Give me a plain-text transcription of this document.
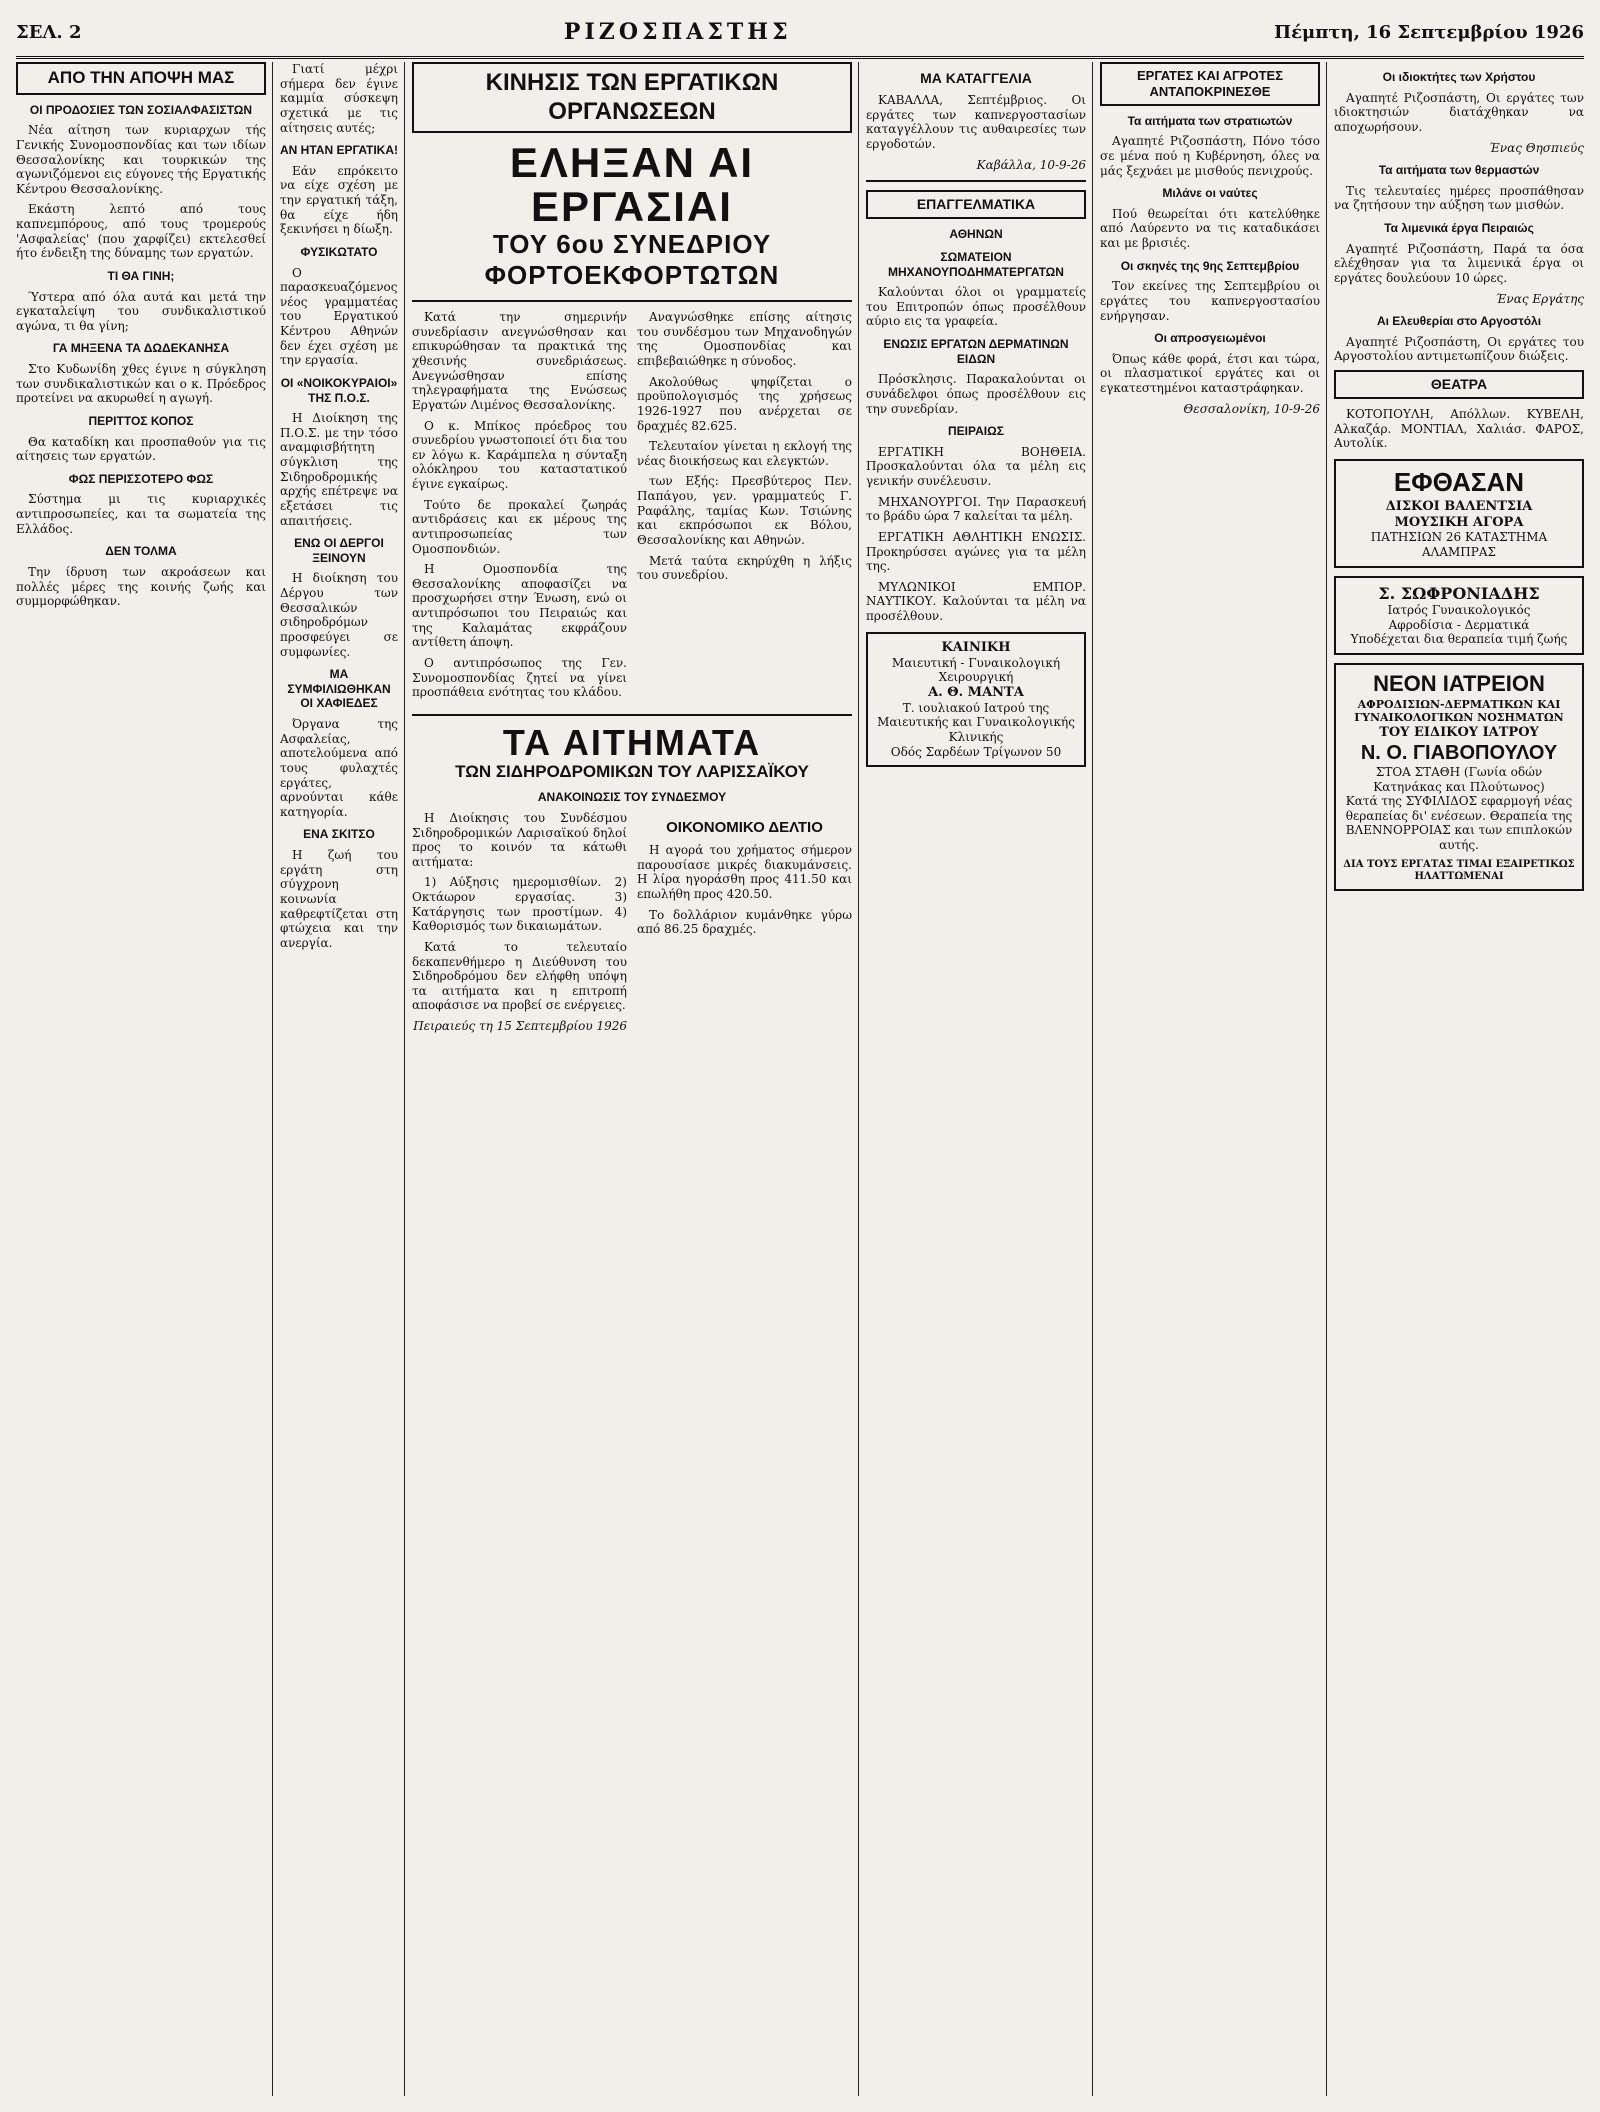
ΣΕΛ. 2	ΡΙΖΟΣΠΑΣΤΗΣ	Πέμπτη, 16 Σεπτεμβρίου 1926
ΑΠΟ ΤΗΝ ΑΠΟΨΗ ΜΑΣ
ΟΙ ΠΡΟΔΟΣΙΕΣ ΤΩΝ ΣΟΣΙΑΛΦΑΣΙΣΤΩΝ

Νέα αίτηση των κυριαρχων τής Γενικής Συνομοσπονδίας και των ιδίων Θεσσαλονίκης και τουρκικών της αγωνιζόμενοι εις εύγονες τής Εργατικής Κέντρου Θεσσαλονίκης.

Εκάστη λεπτό από τους καπνεμπόρους, από τους τρομερούς 'Ασφαλείας' (που χαρφίζει) εκτελεσθεί ήτο ένδειξη της δύναμης των εργατών.

ΤΙ ΘΑ ΓΙΝΗ;

Ύστερα από όλα αυτά και μετά την εγκαταλείψη του συνδικαλιστικού αγώνα, τι θα γίνη;

ΓΑ ΜΗΞΕΝΑ ΤΑ ΔΩΔΕΚΑΝΗΣΑ

Στο Κυδωνίδη χθες έγινε η σύγκληση των συνδικαλιστικών και ο κ. Πρόεδρος προτείνει να ακυρωθεί η αγωγή.

ΠΕΡΙΤΤΟΣ ΚΟΠΟΣ

Θα καταδίκη και προσπαθούν για τις αίτησεις των εργατών.

ΦΩΣ ΠΕΡΙΣΣΟΤΕΡΟ ΦΩΣ

Σύστημα μι τις κυριαρχικές αντιπροσωπείες, και τα σωματεία της Ελλάδος.

ΔΕΝ ΤΟΛΜΑ

Την ίδρυση των ακροάσεων και πολλές μέρες της κοινής ζωής και συμμορφώθηκαν.

Γιατί μέχρι σήμερα δεν έγινε καμμία σύσκεψη σχετικά με τις αίτησεις αυτές;

ΑΝ ΗΤΑΝ ΕΡΓΑΤΙΚΑ!

Εάν επρόκειτο να είχε σχέση με την εργατική τάξη, θα είχε ήδη ξεκινήσει η δίωξη.

ΦΥΣΙΚΩΤΑΤΟ

Ο παρασκευαζόμενος νέος γραμματέας του Εργατικού Κέντρου Αθηνών δεν έχει σχέση με την εργασία.

ΟΙ «ΝΟΙΚΟΚΥΡΑΙΟΙ» ΤΗΣ Π.Ο.Σ.

Η Διοίκηση της Π.Ο.Σ. με την τόσο αναμφισβήτητη σύγκλιση της Σιδηροδρομικής αρχής επέτρεψε να εξετάσει τις απαιτήσεις.

ΕΝΩ ΟΙ ΔΕΡΓΟΙ ΞΕΙΝΟΥΝ

Η διοίκηση του Δέργου των Θεσσαλικών σιδηροδρόμων προσφεύγει σε συμφωνίες.

ΜΑ ΣΥΜΦΙΛΙΩΘΗΚΑΝ ΟΙ ΧΑΦΙΕΔΕΣ

Όργανα της Ασφαλείας, αποτελούμενα από τους φυλαχτές εργάτες, αρνούνται κάθε κατηγορία.

ΕΝΑ ΣΚΙΤΣΟ

Η ζωή του εργάτη στη σύγχρονη κοινωνία καθρεφτίζεται στη φτώχεια και την ανεργία.

ΚΙΝΗΣΙΣ ΤΩΝ ΕΡΓΑΤΙΚΩΝ ΟΡΓΑΝΩΣΕΩΝ
ΕΛΗΞΑΝ ΑΙ ΕΡΓΑΣΙΑΙ
ΤΟΥ 6ου ΣΥΝΕΔΡΙΟΥ ΦΟΡΤΟΕΚΦΟΡΤΩΤΩΝ

Κατά την σημερινήν συνεδρίασιν ανεγνώσθησαν και επικυρώθησαν τα πρακτικά της χθεσινής συνεδριάσεως. Ανεγνώσθησαν επίσης τηλεγραφήματα της Ενώσεως Εργατών Λιμένος Θεσσαλονίκης.

Ο κ. Μπίκος πρόεδρος του συνεδρίου γνωστοποιεί ότι δια του εν λόγω κ. Καράμπελα η σύνταξη ολόκληρου του καταστατικού έγινε εγκαίρως.

Τούτο δε προκαλεί ζωηράς αντιδράσεις και εκ μέρους της αντιπροσωπείας των Ομοσπονδιών.

Η Ομοσπονδία της Θεσσαλονίκης αποφασίζει να προσχωρήσει στην Ένωση, ενώ οι αντιπρόσωποι του Πειραιώς και της Καλαμάτας εκφράζουν αντίθετη άποψη.

Ο αντιπρόσωπος της Γεν. Συνομοσπονδίας ζητεί να γίνει προσπάθεια ενότητας του κλάδου.

Αναγνώσθηκε επίσης αίτησις του συνδέσμου των Μηχανοδηγών της Ομοσπονδίας και επιβεβαιώθηκε η σύνοδος.

Ακολούθως ψηφίζεται ο προϋπολογισμός της χρήσεως 1926-1927 που ανέρχεται σε δραχμές 82.625.

Τελευταίον γίνεται η εκλογή της νέας διοικήσεως και ελεγκτών.

των Εξής: Πρεσβύτερος Πεν. Παπάγου, γεν. γραμματεύς Γ. Ραφάλης, ταμίας Κων. Τσιώνης και εκπρόσωποι εκ Βόλου, Θεσσαλονίκης και Αθηνών.

Μετά ταύτα εκηρύχθη η λήξις του συνεδρίου.

ΤΑ ΑΙΤΗΜΑΤΑ
ΤΩΝ ΣΙΔΗΡΟΔΡΟΜΙΚΩΝ ΤΟΥ ΛΑΡΙΣΣΑΪΚΟΥ
ΑΝΑΚΟΙΝΩΣΙΣ ΤΟΥ ΣΥΝΔΕΣΜΟΥ

Η Διοίκησις του Συνδέσμου Σιδηροδρομικών Λαρισαϊκού δηλοί προς το κοινόν τα κάτωθι αιτήματα:

1) Αύξησις ημερομισθίων. 2) Οκτάωρον εργασίας. 3) Κατάργησις των προστίμων. 4) Καθορισμός των δικαιωμάτων.

Κατά το τελευταίο δεκαπενθήμερο η Διεύθυνση του Σιδηροδρόμου δεν ελήφθη υπόψη τα αιτήματα και η επιτροπή αποφάσισε να προβεί σε ενέργειες.

Πειραιεύς τη 15 Σεπτεμβρίου 1926
ΟΙΚΟΝΟΜΙΚΟ ΔΕΛΤΙΟ

Η αγορά του χρήματος σήμερον παρουσίασε μικρές διακυμάνσεις. Η λίρα ηγοράσθη προς 411.50 και επωλήθη προς 420.50.

Το δολλάριον κυμάνθηκε γύρω από 86.25 δραχμές.

ΜΑ ΚΑΤΑΓΓΕΛΙΑ

ΚΑΒΑΛΛΑ, Σεπτέμβριος. Οι εργάτες των καπνεργοστασίων καταγγέλλουν τις αυθαιρεσίες των εργοδοτών.

Καβάλλα, 10-9-26
ΕΠΑΓΓΕΛΜΑΤΙΚΑ
ΑΘΗΝΩΝ
ΣΩΜΑΤΕΙΟΝ ΜΗΧΑΝΟΥΠΟΔΗΜΑΤΕΡΓΑΤΩΝ

Καλούνται όλοι οι γραμματείς του Επιτροπών όπως προσέλθουν αύριο εις τα γραφεία.

ΕΝΩΣΙΣ ΕΡΓΑΤΩΝ ΔΕΡΜΑΤΙΝΩΝ ΕΙΔΩΝ

Πρόσκλησις. Παρακαλούνται οι συνάδελφοι όπως προσέλθουν εις την συνεδρίαν.

ΠΕΙΡΑΙΩΣ

ΕΡΓΑΤΙΚΗ ΒΟΗΘΕΙΑ. Προσκαλούνται όλα τα μέλη εις γενικήν συνέλευσιν.

ΜΗΧΑΝΟΥΡΓΟΙ. Την Παρασκευή το βράδυ ώρα 7 καλείται τα μέλη.

ΕΡΓΑΤΙΚΗ ΑΘΛΗΤΙΚΗ ΕΝΩΣΙΣ. Προκηρύσσει αγώνες για τα μέλη της.

ΜΥΛΩΝΙΚΟΙ ΕΜΠΟΡ. ΝΑΥΤΙΚΟΥ. Καλούνται τα μέλη να προσέλθουν.

ΚΑΙΝΙΚΗ
Μαιευτική - Γυναικολογική Χειρουργική
Α. Θ. ΜΑΝΤΑ
Τ. ιουλιακού Ιατρού της Μαιευτικής και Γυναικολογικής Κλινικής
Οδός Σαρδέων Τρίγωνον 50
ΕΡΓΑΤΕΣ ΚΑΙ ΑΓΡΟΤΕΣ ΑΝΤΑΠΟΚΡΙΝΕΣΘΕ
Τα αιτήματα των στρατιωτών

Αγαπητέ Ριζοσπάστη, Πόνο τόσο σε μένα πού η Κυβέρνηση, όλες να μάς ξεχνάει με μισθούς πενιχρούς.

Μιλάνε οι ναύτες

Πού θεωρείται ότι κατελύθηκε από Λαύρεντο να τις καταδικάσει και με βρισιές.

Οι σκηνές της 9ης Σεπτεμβρίου

Τον εκείνες της Σεπτεμβρίου οι εργάτες του καπνεργοστασίου ενήργησαν.

Οι απροσγειωμένοι

Όπως κάθε φορά, έτσι και τώρα, οι πλασματικοί εργάτες και οι εγκατεστημένοι καταστράφηκαν.

Θεσσαλονίκη, 10-9-26
Οι ιδιοκτήτες των Χρήστου

Αγαπητέ Ριζοσπάστη, Οι εργάτες των ιδιοκτησιών διατάχθηκαν να αποχωρήσουν.

Ένας Θησπιεύς
Τα αιτήματα των θερμαστών

Τις τελευταίες ημέρες προσπάθησαν να ζητήσουν την αύξηση των μισθών.

Τα λιμενικά έργα Πειραιώς

Αγαπητέ Ριζοσπάστη, Παρά τα όσα ελέχθησαν για τα λιμενικά έργα οι εργάτες δουλεύουν 10 ώρες.

Ένας Εργάτης
Αι Ελευθερίαι στο Αργοστόλι

Αγαπητέ Ριζοσπάστη, Οι εργάτες του Αργοστολίου αντιμετωπίζουν διώξεις.

ΘΕΑΤΡΑ

ΚΟΤΟΠΟΥΛΗ, Απόλλων. ΚΥΒΕΛΗ, Αλκαζάρ. ΜΟΝΤΙΑΛ, Χαλιάσ. ΦΑΡΟΣ, Αυτολίκ.

ΕΦΘΑΣΑΝ
ΔΙΣΚΟΙ ΒΑΛΕΝΤΣΙΑ
ΜΟΥΣΙΚΗ ΑΓΟΡΑ
ΠΑΤΗΣΙΩΝ 26 ΚΑΤΑΣΤΗΜΑ ΑΛΑΜΠΡΑΣ
Σ. ΣΩΦΡΟΝΙΑΔΗΣ
Ιατρός Γυναικολογικός
Αφροδίσια - Δερματικά
Υποδέχεται δια θεραπεία τιμή ζωής
ΝΕΟΝ ΙΑΤΡΕΙΟΝ
ΑΦΡΟΔΙΣΙΩΝ-ΔΕΡΜΑΤΙΚΩΝ ΚΑΙ ΓΥΝΑΙΚΟΛΟΓΙΚΩΝ ΝΟΣΗΜΑΤΩΝ
ΤΟΥ ΕΙΔΙΚΟΥ ΙΑΤΡΟΥ
Ν. Ο. ΓΙΑΒΟΠΟΥΛΟΥ
ΣΤΟΑ ΣΤΑΘΗ (Γωνία οδών Κατηνάκας και Πλούτωνος)

Κατά της ΣΥΦΙΛΙΔΟΣ εφαρμογή νέας θεραπείας δι' ενέσεων. Θεραπεία της ΒΛΕΝΝΟΡΡΟΙΑΣ και των επιπλοκών αυτής.

ΔΙΑ ΤΟΥΣ ΕΡΓΑΤΑΣ ΤΙΜΑΙ ΕΞΑΙΡΕΤΙΚΩΣ ΗΛΑΤΤΩΜΕΝΑΙ
